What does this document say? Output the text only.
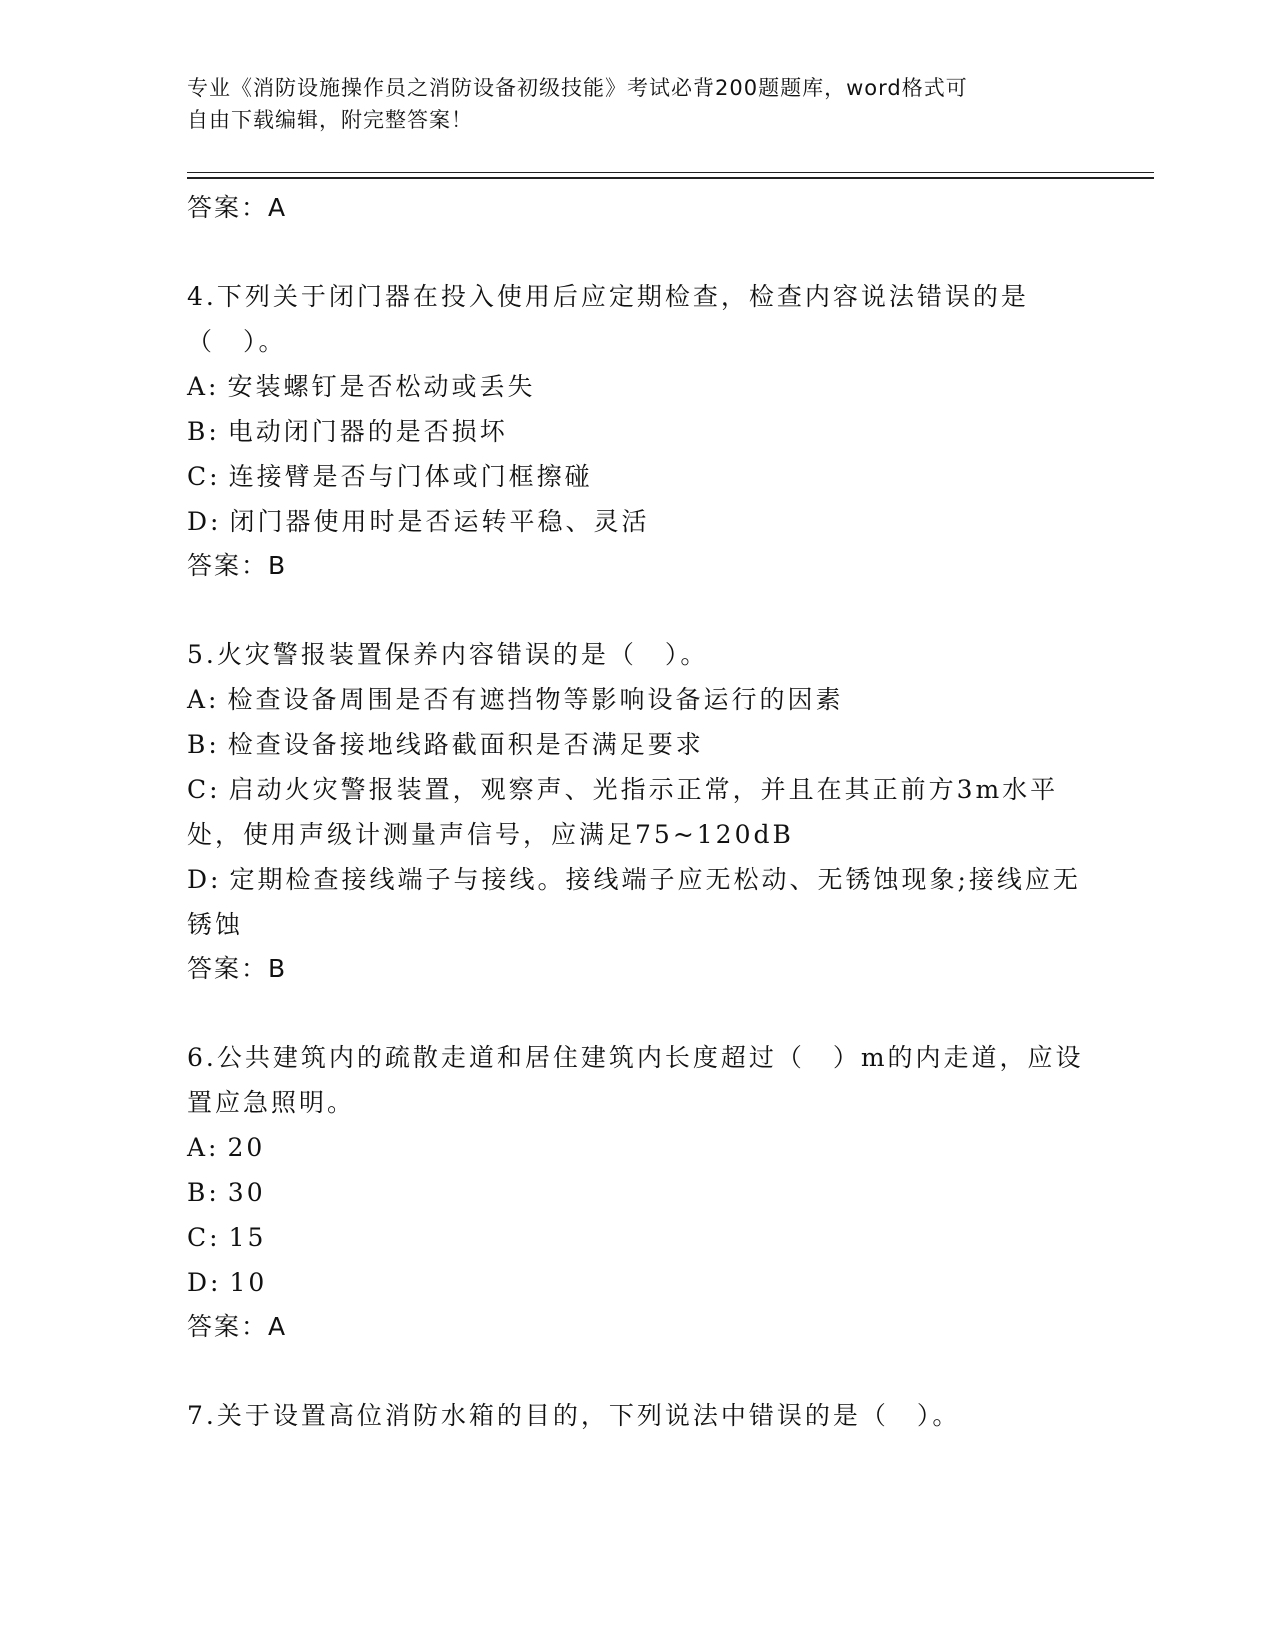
专业《消防设施操作员之消防设备初级技能》考试必背200题题库，word格式可
自由下载编辑，附完整答案！

答案：A

4.下列关于闭门器在投入使用后应定期检查，检查内容说法错误的是（　）。

A: 安装螺钉是否松动或丢失

B: 电动闭门器的是否损坏

C: 连接臂是否与门体或门框擦碰

D: 闭门器使用时是否运转平稳、灵活

答案：B

5.火灾警报装置保养内容错误的是（　）。

A: 检查设备周围是否有遮挡物等影响设备运行的因素

B: 检查设备接地线路截面积是否满足要求

C: 启动火灾警报装置，观察声、光指示正常，并且在其正前方3m水平处，使用声级计测量声信号，应满足75~120dB

D: 定期检查接线端子与接线。接线端子应无松动、无锈蚀现象;接线应无锈蚀

答案：B

6.公共建筑内的疏散走道和居住建筑内长度超过（　）m的内走道，应设置应急照明。

A: 20

B: 30

C: 15

D: 10

答案：A

7.关于设置高位消防水箱的目的，下列说法中错误的是（　）。
